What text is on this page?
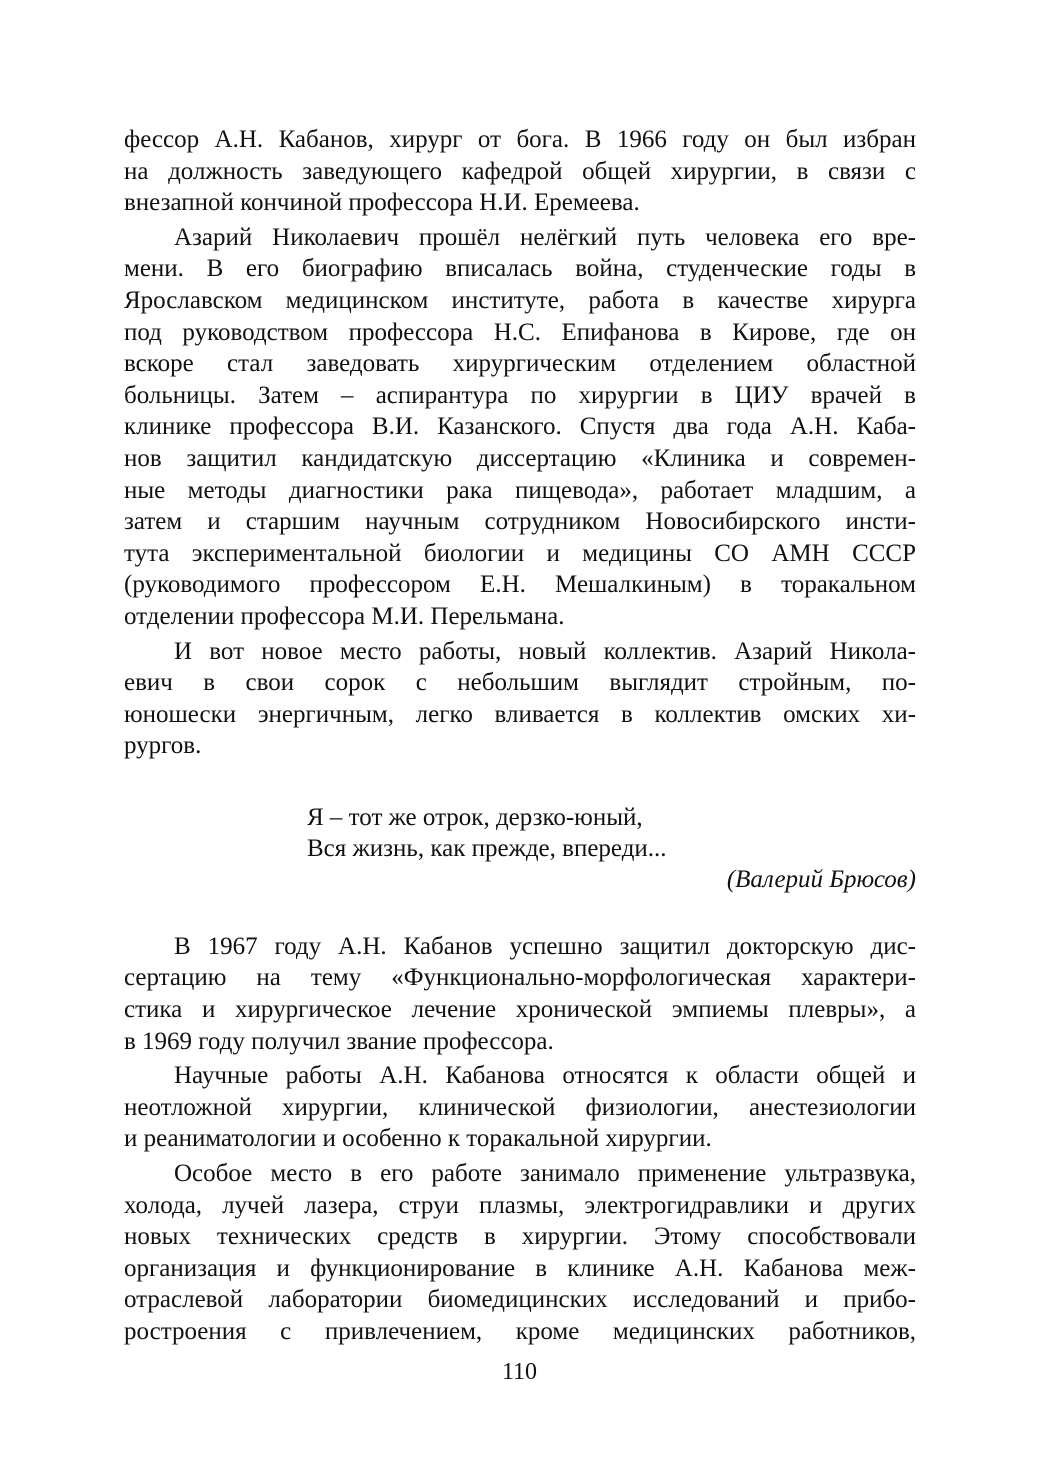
фессор А.Н. Кабанов, хирург от бога. В 1966 году он был избран
на должность заведующего кафедрой общей хирургии, в связи с
внезапной кончиной профессора Н.И. Еремеева.
Азарий Николаевич прошёл нелёгкий путь человека его вре-
мени. В его биографию вписалась война, студенческие годы в
Ярославском медицинском институте, работа в качестве хирурга
под руководством профессора Н.С. Епифанова в Кирове, где он
вскоре стал заведовать хирургическим отделением областной
больницы. Затем – аспирантура по хирургии в ЦИУ врачей в
клинике профессора В.И. Казанского. Спустя два года А.Н. Каба-
нов защитил кандидатскую диссертацию «Клиника и современ-
ные методы диагностики рака пищевода», работает младшим, а
затем и старшим научным сотрудником Новосибирского инсти-
тута экспериментальной биологии и медицины СО АМН СССР
(руководимого профессором Е.Н. Мешалкиным) в торакальном
отделении профессора М.И. Перельмана.
И вот новое место работы, новый коллектив. Азарий Никола-
евич в свои сорок с небольшим выглядит стройным, по-
юношески энергичным, легко вливается в коллектив омских хи-
рургов.
Я – тот же отрок, дерзко-юный,
Вся жизнь, как прежде, впереди...
(Валерий Брюсов)
В 1967 году А.Н. Кабанов успешно защитил докторскую дис-
сертацию на тему «Функционально-морфологическая характери-
стика и хирургическое лечение хронической эмпиемы плевры», а
в 1969 году получил звание профессора.
Научные работы А.Н. Кабанова относятся к области общей и
неотложной хирургии, клинической физиологии, анестезиологии
и реаниматологии и особенно к торакальной хирургии.
Особое место в его работе занимало применение ультразвука,
холода, лучей лазера, струи плазмы, электрогидравлики и других
новых технических средств в хирургии. Этому способствовали
организация и функционирование в клинике А.Н. Кабанова меж-
отраслевой лаборатории биомедицинских исследований и прибо-
ростроения с привлечением, кроме медицинских работников,
110
